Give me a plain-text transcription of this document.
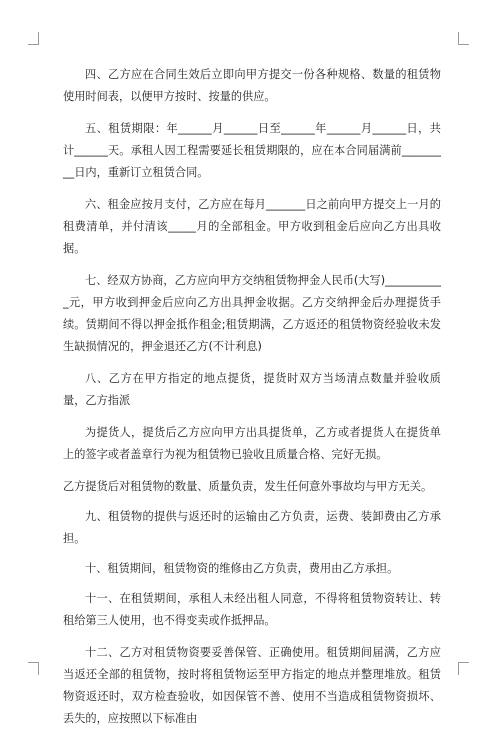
四、乙方应在合同生效后立即向甲方提交一份各种规格、数量的租赁物使用时间表，以便甲方按时、按量的供应。

五、租赁期限：年______月______日至______年______月______日，共计______天。承租人因工程需要延长租赁期限的，应在本合同届满前_________日内，重新订立租赁合同。

六、租金应按月支付，乙方应在每月_______日之前向甲方提交上一月的租费清单，并付清该_____月的全部租金。甲方收到租金后应向乙方出具收据。

七、经双方协商，乙方应向甲方交纳租赁物押金人民币(大写)___________元，甲方收到押金后应向乙方出具押金收据。乙方交纳押金后办理提货手续。赁期间不得以押金抵作租金;租赁期满，乙方返还的租赁物资经验收未发生缺损情况的，押金退还乙方(不计利息)

八、乙方在甲方指定的地点提货，提货时双方当场清点数量并验收质量，乙方指派

为提货人，提货后乙方应向甲方出具提货单，乙方或者提货人在提货单上的签字或者盖章行为视为租赁物已验收且质量合格、完好无损。

乙方提货后对租赁物的数量、质量负责，发生任何意外事故均与甲方无关。

九、租赁物的提供与返还时的运输由乙方负责，运费、装卸费由乙方承担。

十、租赁期间，租赁物资的维修由乙方负责，费用由乙方承担。

十一、在租赁期间，承租人未经出租人同意，不得将租赁物资转让、转租给第三人使用，也不得变卖或作抵押品。

十二、乙方对租赁物资要妥善保管、正确使用。租赁期间届满，乙方应当返还全部的租赁物，按时将租赁物运至甲方指定的地点并整理堆放。租赁物资返还时，双方检查验收，如因保管不善、使用不当造成租赁物资损坏、丢失的，应按照以下标准由
